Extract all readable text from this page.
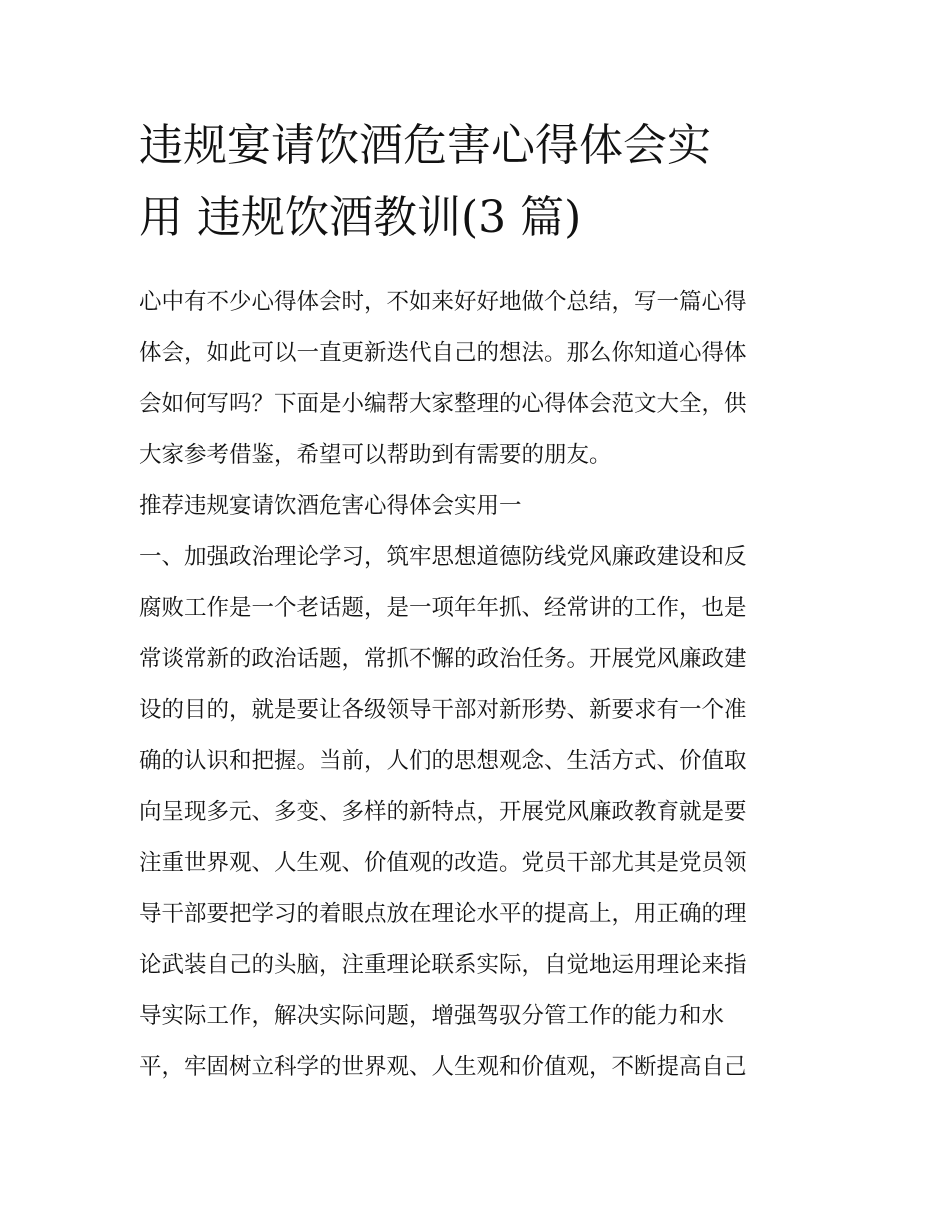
违规宴请饮酒危害心得体会实
用 违规饮酒教训(3 篇)
心中有不少心得体会时，不如来好好地做个总结，写一篇心得
体会，如此可以一直更新迭代自己的想法。那么你知道心得体
会如何写吗？下面是小编帮大家整理的心得体会范文大全，供
大家参考借鉴，希望可以帮助到有需要的朋友。
推荐违规宴请饮酒危害心得体会实用一
一、加强政治理论学习，筑牢思想道德防线党风廉政建设和反
腐败工作是一个老话题，是一项年年抓、经常讲的工作，也是
常谈常新的政治话题，常抓不懈的政治任务。开展党风廉政建
设的目的，就是要让各级领导干部对新形势、新要求有一个准
确的认识和把握。当前，人们的思想观念、生活方式、价值取
向呈现多元、多变、多样的新特点，开展党风廉政教育就是要
注重世界观、人生观、价值观的改造。党员干部尤其是党员领
导干部要把学习的着眼点放在理论水平的提高上，用正确的理
论武装自己的头脑，注重理论联系实际，自觉地运用理论来指
导实际工作，解决实际问题，增强驾驭分管工作的能力和水
平，牢固树立科学的世界观、人生观和价值观，不断提高自己
